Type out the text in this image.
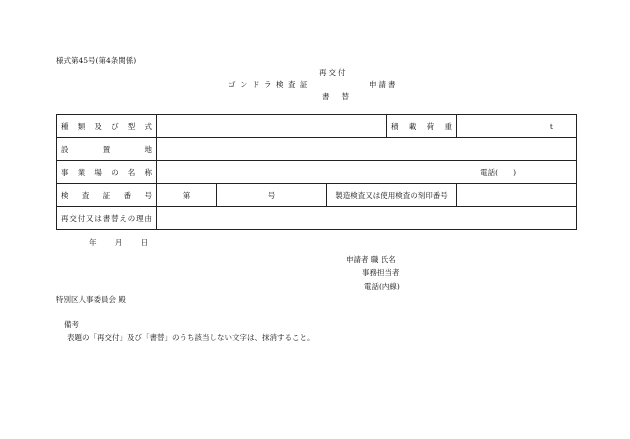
様式第45号(第4条関係)
再交付
ゴンドラ検査証	申請書
書替
種類及び型式				積載荷重	t
設置地					
事業場の名称	電話(　　)				
検査証番号	第	号	製造検査又は使用検査の刻印番号		
再交付又は書替えの理由					
年 月 日
申請者 職 氏名
事務担当者
電話(内線)
特別区人事委員会 殿
備考
表題の「再交付」及び「書替」のうち該当しない文字は、抹消すること。
